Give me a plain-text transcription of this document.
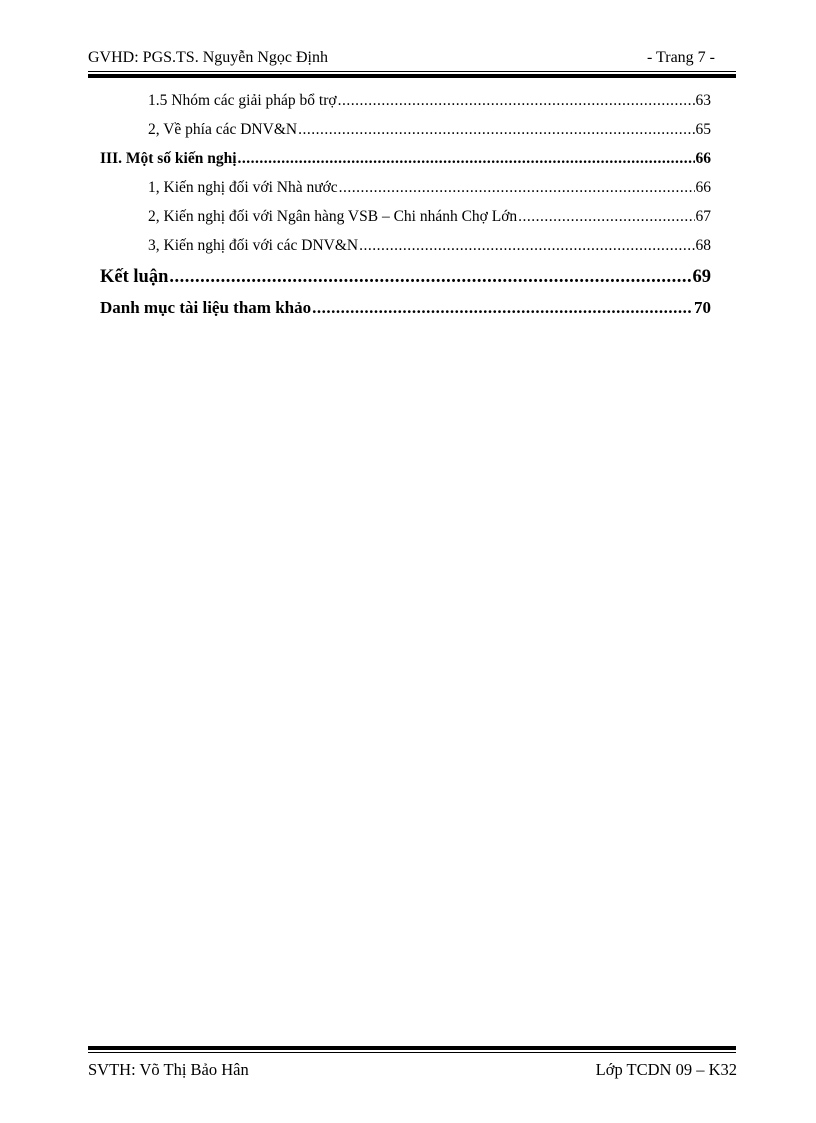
GVHD: PGS.TS. Nguyễn Ngọc Định	- Trang 7 -
1.5 Nhóm các giải pháp bổ trợ .....	63
2, Về phía các DNV&N .....	65
III. Một số kiến nghị .....	66
1, Kiến nghị đối với Nhà nước .....	66
2, Kiến nghị đối với Ngân hàng VSB – Chi nhánh Chợ Lớn .....	67
3, Kiến nghị đối với các DNV&N .....	68
Kết luận .....	69
Danh mục tài liệu tham khảo .....	70
SVTH: Võ Thị Bảo Hân	Lớp TCDN 09 – K32
